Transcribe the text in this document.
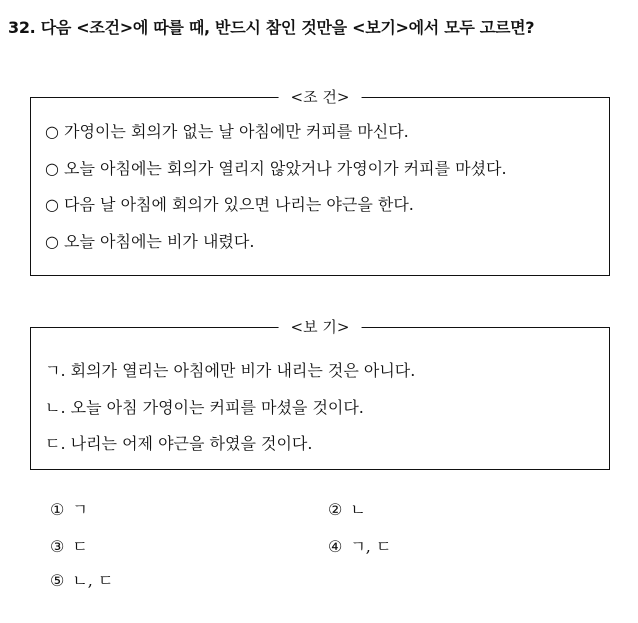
32. 다음 <조건>에 따를 때, 반드시 참인 것만을 <보기>에서 모두 고르면?
<조 건>
○ 가영이는 회의가 없는 날 아침에만 커피를 마신다.
○ 오늘 아침에는 회의가 열리지 않았거나 가영이가 커피를 마셨다.
○ 다음 날 아침에 회의가 있으면 나리는 야근을 한다.
○ 오늘 아침에는 비가 내렸다.
<보 기>
ㄱ. 회의가 열리는 아침에만 비가 내리는 것은 아니다.
ㄴ. 오늘 아침 가영이는 커피를 마셨을 것이다.
ㄷ. 나리는 어제 야근을 하였을 것이다.
① ㄱ	② ㄴ
③ ㄷ	④ ㄱ, ㄷ
⑤ ㄴ, ㄷ
